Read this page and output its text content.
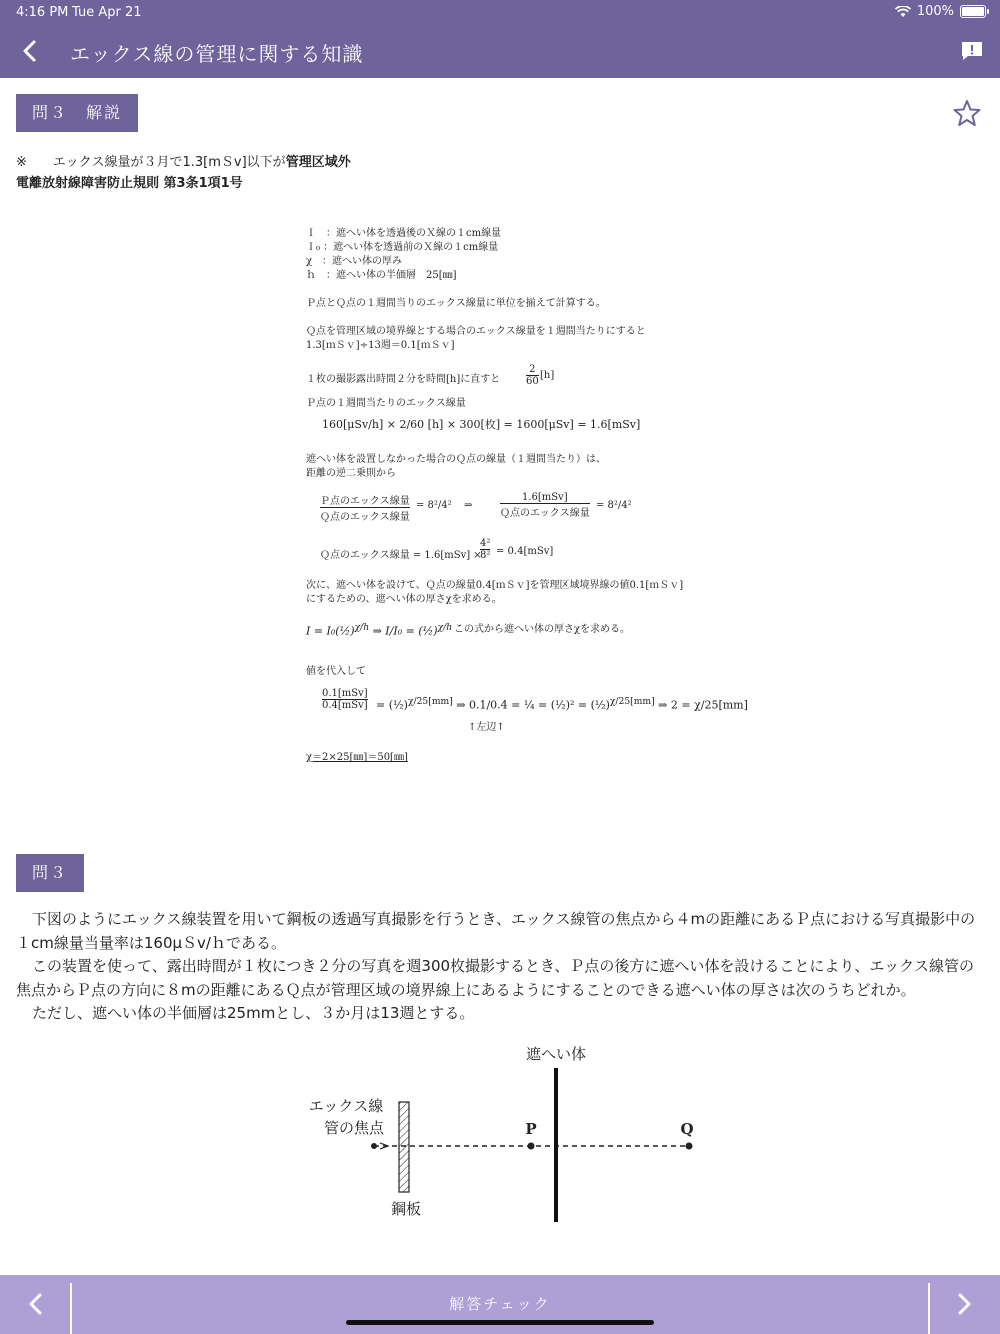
4:16 PM Tue Apr 21	100%
エックス線の管理に関する知識
問３　解説
※　　エックス線量が３月で1.3[mＳv]以下が管理区域外
電離放射線障害防止規則 第3条1項1号
Ｉ　：遮へい体を透過後のＸ線の１cm線量
Ｉ₀ ：遮へい体を透過前のＸ線の１cm線量
χ　：遮へい体の厚み
ｈ　：遮へい体の半価層　25[㎜]
Ｐ点とＱ点の１週間当りのエックス線量に単位を揃えて計算する。
Ｑ点を管理区域の境界線とする場合のエックス線量を１週間当たりにすると
1.3[ｍＳｖ]÷13週＝0.1[ｍＳｖ]
１枚の撮影露出時間２分を時間[h]に直すと
2
60
[h]
Ｐ点の１週間当たりのエックス線量
160[μSv/h] × 2/60 [h] × 300[枚] = 1600[μSv] = 1.6[mSv]
遮へい体を設置しなかった場合のＱ点の線量（１週間当たり）は、
距離の逆二乗則から
Ｐ点のエックス線量
Ｑ点のエックス線量
= 8²/4² ⇒
1.6[mSv]
Ｑ点のエックス線量
= 8²/4²
Ｑ点のエックス線量 = 1.6[mSv] ×
4²
8² = 0.4[mSv]
次に、遮へい体を設けて、Ｑ点の線量0.4[ｍＳｖ]を管理区域境界線の値0.1[ｍＳｖ]
にするための、遮へい体の厚さχを求める。
I = I₀(½)$^{\chi/h}$ ⇒ I/I₀ = (½)$^{\chi/h}$ この式から遮へい体の厚さχを求める。
値を代入して
0.1[mSv]
0.4[mSv] = (½)$^{\chi/25[mm]}$ ⇒ 0.1/0.4 = ¼ = (½)² = (½)$^{\chi/25[mm]}$ ⇒ 2 = χ/25[mm]
↑左辺↑
χ＝2×25[㎜]＝50[㎜]
問３

下図のようにエックス線装置を用いて鋼板の透過写真撮影を行うとき、エックス線管の焦点から４mの距離にあるＰ点における写真撮影中の１cm線量当量率は160μＳv/ｈである。

この装置を使って、露出時間が１枚につき２分の写真を週300枚撮影するとき、Ｐ点の後方に遮へい体を設けることにより、エックス線管の焦点からＰ点の方向に８mの距離にあるＱ点が管理区域の境界線上にあるようにすることのできる遮へい体の厚さは次のうちどれか。

ただし、遮へい体の半価層は25mmとし、３か月は13週とする。

遮へい体
エックス線
管の焦点
鋼板
P	Q
解答チェック
